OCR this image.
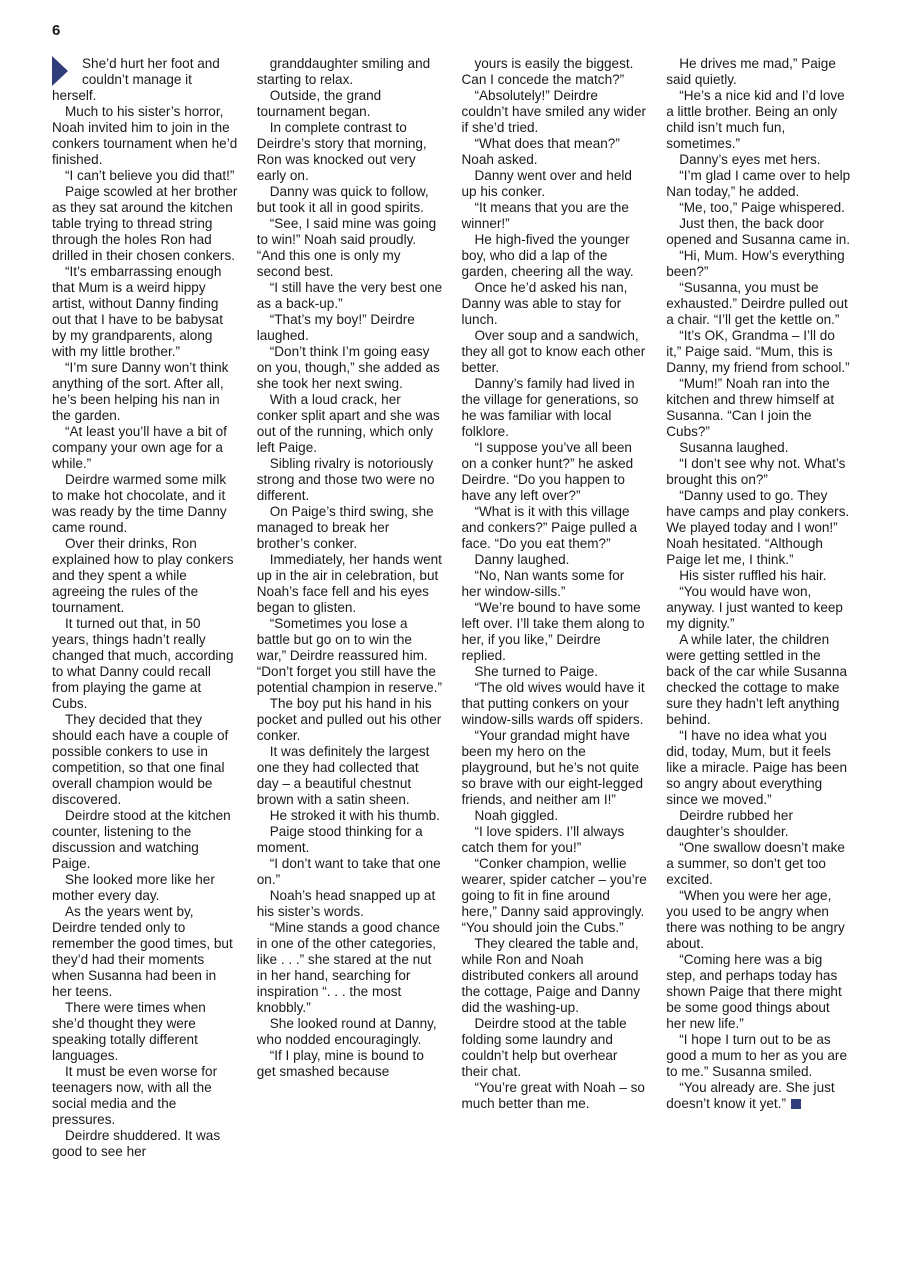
6

She’d hurt her foot and couldn’t manage it herself.

Much to his sister’s horror, Noah invited him to join in the conkers tournament when he’d finished.

“I can’t believe you did that!”

Paige scowled at her brother as they sat around the kitchen table trying to thread string through the holes Ron had drilled in their chosen conkers.

“It’s embarrassing enough that Mum is a weird hippy artist, without Danny finding out that I have to be babysat by my grandparents, along with my little brother.”

“I’m sure Danny won’t think anything of the sort. After all, he’s been helping his nan in the garden.

“At least you’ll have a bit of company your own age for a while.”

Deirdre warmed some milk to make hot chocolate, and it was ready by the time Danny came round.

Over their drinks, Ron explained how to play conkers and they spent a while agreeing the rules of the tournament.

It turned out that, in 50 years, things hadn’t really changed that much, according to what Danny could recall from playing the game at Cubs.

They decided that they should each have a couple of possible conkers to use in competition, so that one final overall champion would be discovered.

Deirdre stood at the kitchen counter, listening to the discussion and watching Paige.

She looked more like her mother every day.

As the years went by, Deirdre tended only to remember the good times, but they’d had their moments when Susanna had been in her teens.

There were times when she’d thought they were speaking totally different languages.

It must be even worse for teenagers now, with all the social media and the pressures.

Deirdre shuddered. It was good to see her

granddaughter smiling and starting to relax.

Outside, the grand tournament began.

In complete contrast to Deirdre’s story that morning, Ron was knocked out very early on.

Danny was quick to follow, but took it all in good spirits.

“See, I said mine was going to win!” Noah said proudly. “And this one is only my second best.

“I still have the very best one as a back-up.”

“That’s my boy!” Deirdre laughed.

“Don’t think I’m going easy on you, though,” she added as she took her next swing.

With a loud crack, her conker split apart and she was out of the running, which only left Paige.

Sibling rivalry is notoriously strong and those two were no different.

On Paige’s third swing, she managed to break her brother’s conker.

Immediately, her hands went up in the air in celebration, but Noah’s face fell and his eyes began to glisten.

“Sometimes you lose a battle but go on to win the war,” Deirdre reassured him. “Don’t forget you still have the potential champion in reserve.”

The boy put his hand in his pocket and pulled out his other conker.

It was definitely the largest one they had collected that day – a beautiful chestnut brown with a satin sheen.

He stroked it with his thumb.

Paige stood thinking for a moment.

“I don’t want to take that one on.”

Noah’s head snapped up at his sister’s words.

“Mine stands a good chance in one of the other categories, like . . .” she stared at the nut in her hand, searching for inspiration “. . . the most knobbly.”

She looked round at Danny, who nodded encouragingly.

“If I play, mine is bound to get smashed because

yours is easily the biggest. Can I concede the match?”

“Absolutely!” Deirdre couldn’t have smiled any wider if she’d tried.

“What does that mean?” Noah asked.

Danny went over and held up his conker.

“It means that you are the winner!”

He high-fived the younger boy, who did a lap of the garden, cheering all the way.

Once he’d asked his nan, Danny was able to stay for lunch.

Over soup and a sandwich, they all got to know each other better.

Danny’s family had lived in the village for generations, so he was familiar with local folklore.

“I suppose you’ve all been on a conker hunt?” he asked Deirdre. “Do you happen to have any left over?”

“What is it with this village and conkers?” Paige pulled a face. “Do you eat them?”

Danny laughed.

“No, Nan wants some for her window-sills.”

“We’re bound to have some left over. I’ll take them along to her, if you like,” Deirdre replied.

She turned to Paige.

“The old wives would have it that putting conkers on your window-sills wards off spiders.

“Your grandad might have been my hero on the playground, but he’s not quite so brave with our eight-legged friends, and neither am I!”

Noah giggled.

“I love spiders. I’ll always catch them for you!”

“Conker champion, wellie wearer, spider catcher – you’re going to fit in fine around here,” Danny said approvingly. “You should join the Cubs.”

They cleared the table and, while Ron and Noah distributed conkers all around the cottage, Paige and Danny did the washing-up.

Deirdre stood at the table folding some laundry and couldn’t help but overhear their chat.

“You’re great with Noah – so much better than me.

He drives me mad,” Paige said quietly.

“He’s a nice kid and I’d love a little brother. Being an only child isn’t much fun, sometimes.”

Danny’s eyes met hers.

“I’m glad I came over to help Nan today,” he added.

“Me, too,” Paige whispered.

Just then, the back door opened and Susanna came in.

“Hi, Mum. How’s everything been?”

“Susanna, you must be exhausted.” Deirdre pulled out a chair. “I’ll get the kettle on.”

“It’s OK, Grandma – I’ll do it,” Paige said. “Mum, this is Danny, my friend from school.”

“Mum!” Noah ran into the kitchen and threw himself at Susanna. “Can I join the Cubs?”

Susanna laughed.

“I don’t see why not. What’s brought this on?”

“Danny used to go. They have camps and play conkers. We played today and I won!” Noah hesitated. “Although Paige let me, I think.”

His sister ruffled his hair.

“You would have won, anyway. I just wanted to keep my dignity.”

A while later, the children were getting settled in the back of the car while Susanna checked the cottage to make sure they hadn’t left anything behind.

“I have no idea what you did, today, Mum, but it feels like a miracle. Paige has been so angry about everything since we moved.”

Deirdre rubbed her daughter’s shoulder.

“One swallow doesn’t make a summer, so don’t get too excited.

“When you were her age, you used to be angry when there was nothing to be angry about.

“Coming here was a big step, and perhaps today has shown Paige that there might be some good things about her new life.”

“I hope I turn out to be as good a mum to her as you are to me.” Susanna smiled.

“You already are. She just doesn’t know it yet.”
